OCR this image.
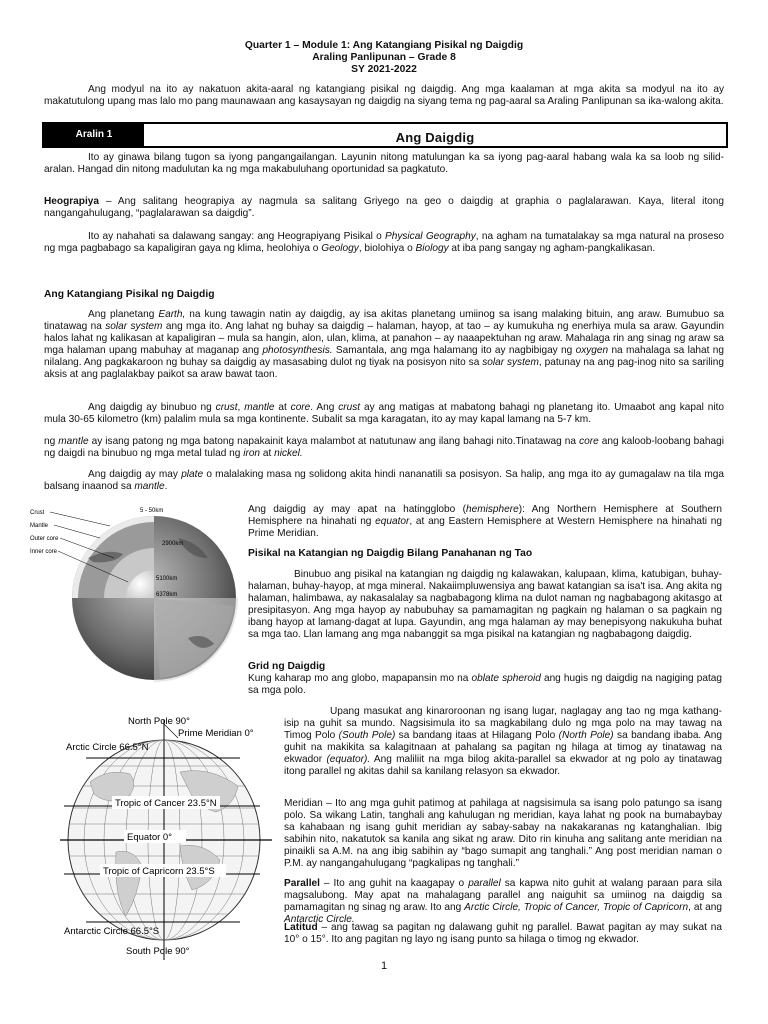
Quarter 1 – Module 1: Ang Katangiang Pisikal ng Daigdig
Araling Panlipunan – Grade 8
SY 2021-2022

Ang modyul na ito ay nakatuon akita-aaral ng katangiang pisikal ng daigdig. Ang mga kaalaman at mga akita sa modyul na ito ay makatutulong upang mas lalo mo pang maunawaan ang kasaysayan ng daigdig na siyang tema ng pag-aaral sa Araling Panlipunan sa ika-walong akita.

Aralin 1	Ang Daigdig

Ito ay ginawa bilang tugon sa iyong pangangailangan. Layunin nitong matulungan ka sa iyong pag-aaral habang wala ka sa loob ng silid-aralan. Hangad din nitong madulutan ka ng mga makabuluhang oportunidad sa pagkatuto.

Heograpiya – Ang salitang heograpiya ay nagmula sa salitang Griyego na geo o daigdig at graphia o paglalarawan. Kaya, literal itong nangangahulugang, “paglalarawan sa daigdig”.

Ito ay nahahati sa dalawang sangay: ang Heograpiyang Pisikal o Physical Geography, na agham na tumatalakay sa mga natural na proseso ng mga pagbabago sa kapaligiran gaya ng klima, heolohiya o Geology, biolohiya o Biology at iba pang sangay ng agham-pangkalikasan.

Ang Katangiang Pisikal ng Daigdig

Ang planetang Earth, na kung tawagin natin ay daigdig, ay isa akitas planetang umiinog sa isang malaking bituin, ang araw. Bumubuo sa tinatawag na solar system ang mga ito. Ang lahat ng buhay sa daigdig – halaman, hayop, at tao – ay kumukuha ng enerhiya mula sa araw. Gayundin halos lahat ng kalikasan at kapaligiran – mula sa hangin, alon, ulan, klima, at panahon – ay naaapektuhan ng araw. Mahalaga rin ang sinag ng araw sa mga halaman upang mabuhay at maganap ang photosynthesis. Samantala, ang mga halamang ito ay nagbibigay ng oxygen na mahalaga sa lahat ng nilalang. Ang pagkakaroon ng buhay sa daigdig ay masasabing dulot ng tiyak na posisyon nito sa solar system, patunay na ang pag-inog nito sa sariling aksis at ang paglalakbay paikot sa araw bawat taon.

Ang daigdig ay binubuo ng crust, mantle at core. Ang crust ay ang matigas at mabatong bahagi ng planetang ito. Umaabot ang kapal nito mula 30-65 kilometro (km) palalim mula sa mga kontinente. Subalit sa mga karagatan, ito ay may kapal lamang na 5-7 km.

ng mantle ay isang patong ng mga batong napakainit kaya malambot at natutunaw ang ilang bahagi nito.Tinatawag na core ang kaloob-loobang bahagi ng daigdi na binubuo ng mga metal tulad ng iron at nickel.

Ang daigdig ay may plate o malalaking masa ng solidong akita hindi nananatili sa posisyon. Sa halip, ang mga ito ay gumagalaw na tila mga balsang inaanod sa mantle.

Crust
Mantle
Outer core
Inner core
5 - 50km
2900km
5100km
6378km

Ang daigdig ay may apat na hatingglobo (hemisphere): Ang Northern Hemisphere at Southern Hemisphere na hinahati ng equator, at ang Eastern Hemisphere at Western Hemisphere na hinahati ng Prime Meridian.

Pisikal na Katangian ng Daigdig Bilang Panahanan ng Tao

Binubuo ang pisikal na katangian ng daigdig ng kalawakan, kalupaan, klima, katubigan, buhay-halaman, buhay-hayop, at mga mineral. Nakaiimpluwensiya ang bawat katangian sa isa't isa. Ang akita ng halaman, halimbawa, ay nakasalalay sa nagbabagong klima na dulot naman ng nagbabagong akitasgo at presipitasyon. Ang mga hayop ay nabubuhay sa pamamagitan ng pagkain ng halaman o sa pagkain ng ibang hayop at lamang-dagat at lupa. Gayundin, ang mga halaman ay may benepisyong nakukuha buhat sa mga tao. Llan lamang ang mga nabanggit sa mga pisikal na katangian ng nagbabagong daigdig.

Grid ng Daigdig

Kung kaharap mo ang globo, mapapansin mo na oblate spheroid ang hugis ng daigdig na nagiging patag sa mga polo.

North Pole 90°
Prime Meridian 0°
Arctic Circle 66.5°N
Tropic of Cancer 23.5°N
Equator 0°
Tropic of Capricorn 23.5°S
Antarctic Circle 66.5°S
South Pole 90°

Upang masukat ang kinaroroonan ng isang lugar, naglagay ang tao ng mga kathang-isip na guhit sa mundo. Nagsisimula ito sa magkabilang dulo ng mga polo na may tawag na Timog Polo (South Pole) sa bandang itaas at Hilagang Polo (North Pole) sa bandang ibaba. Ang guhit na makikita sa kalagitnaan at pahalang sa pagitan ng hilaga at timog ay tinatawag na ekwador (equator). Ang maliliit na mga bilog akita-parallel sa ekwador at ng polo ay tinatawag itong parallel ng akitas dahil sa kanilang relasyon sa ekwador.

Meridian – Ito ang mga guhit patimog at pahilaga at nagsisimula sa isang polo patungo sa isang polo. Sa wikang Latin, tanghali ang kahulugan ng meridian, kaya lahat ng pook na bumabaybay sa kahabaan ng isang guhit meridian ay sabay-sabay na nakakaranas ng katanghalian. Ibig sabihin nito, nakatutok sa kanila ang sikat ng araw. Dito rin kinuha ang salitang ante meridian na pinaikli sa A.M. na ang ibig sabihin ay “bago sumapit ang tanghali.” Ang post meridian naman o P.M. ay nangangahulugang “pagkalipas ng tanghali.”

Parallel – Ito ang guhit na kaagapay o parallel sa kapwa nito guhit at walang paraan para sila magsalubong. May apat na mahalagang parallel ang naiguhit sa umiinog na daigdig sa pamamagitan ng sinag ng araw. Ito ang Arctic Circle, Tropic of Cancer, Tropic of Capricorn, at ang Antarctic Circle.

Latitud – ang tawag sa pagitan ng dalawang guhit ng parallel. Bawat pagitan ay may sukat na 10° o 15°. Ito ang pagitan ng layo ng isang punto sa hilaga o timog ng ekwador.

1
